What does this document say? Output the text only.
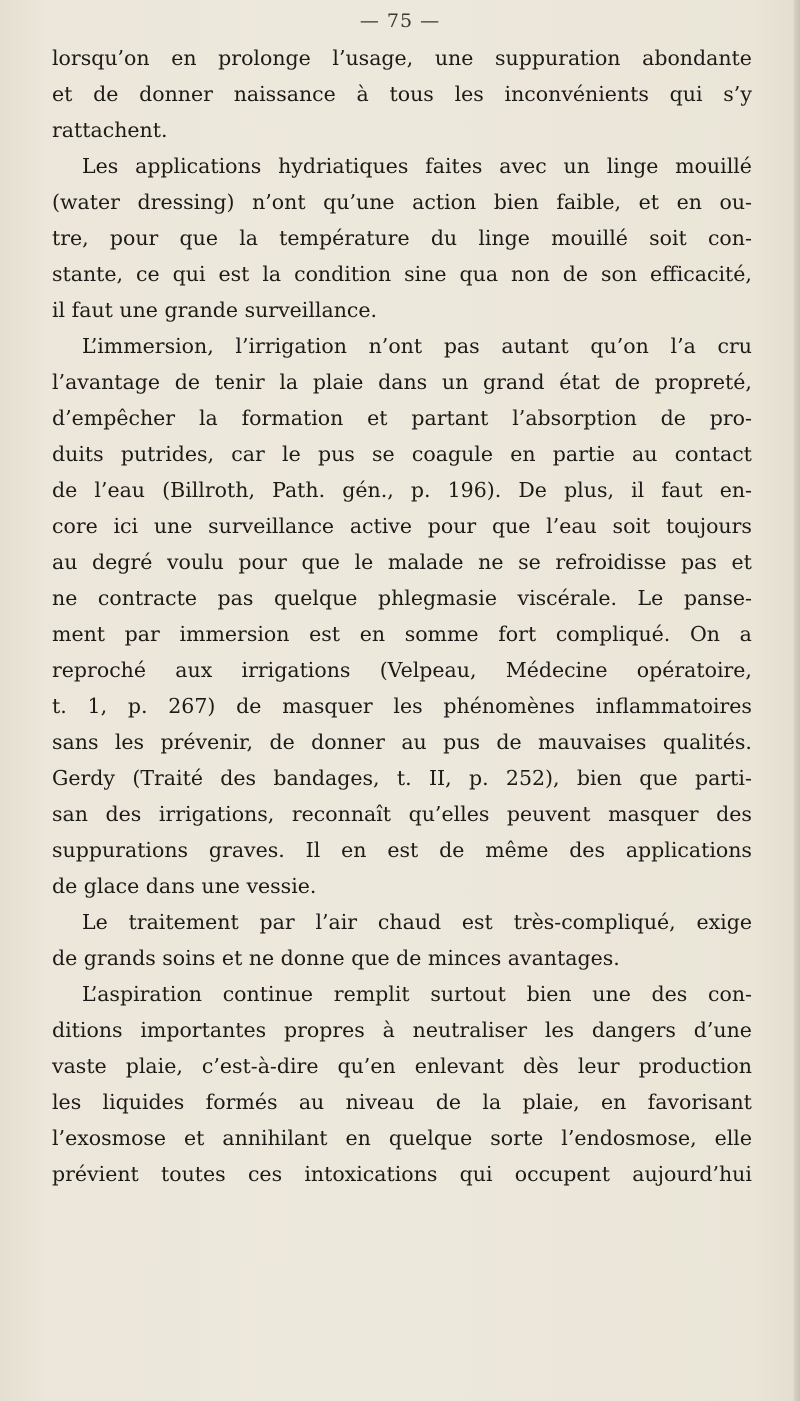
— 75 —
lorsqu’on en prolonge l’usage, une suppuration abondante
et de donner naissance à tous les inconvénients qui s’y
rattachent.
Les applications hydriatiques faites avec un linge mouillé
(water dressing) n’ont qu’une action bien faible, et en ou-
tre, pour que la température du linge mouillé soit con-
stante, ce qui est la condition sine qua non de son efficacité,
il faut une grande surveillance.
L’immersion, l’irrigation n’ont pas autant qu’on l’a cru
l’avantage de tenir la plaie dans un grand état de propreté,
d’empêcher la formation et partant l’absorption de pro-
duits putrides, car le pus se coagule en partie au contact
de l’eau (Billroth, Path. gén., p. 196). De plus, il faut en-
core ici une surveillance active pour que l’eau soit toujours
au degré voulu pour que le malade ne se refroidisse pas et
ne contracte pas quelque phlegmasie viscérale. Le panse-
ment par immersion est en somme fort compliqué. On a
reproché aux irrigations (Velpeau, Médecine opératoire,
t. 1, p. 267) de masquer les phénomènes inflammatoires
sans les prévenir, de donner au pus de mauvaises qualités.
Gerdy (Traité des bandages, t. II, p. 252), bien que parti-
san des irrigations, reconnaît qu’elles peuvent masquer des
suppurations graves. Il en est de même des applications
de glace dans une vessie.
Le traitement par l’air chaud est très-compliqué, exige
de grands soins et ne donne que de minces avantages.
L’aspiration continue remplit surtout bien une des con-
ditions importantes propres à neutraliser les dangers d’une
vaste plaie, c’est-à-dire qu’en enlevant dès leur production
les liquides formés au niveau de la plaie, en favorisant
l’exosmose et annihilant en quelque sorte l’endosmose, elle
prévient toutes ces intoxications qui occupent aujourd’hui
